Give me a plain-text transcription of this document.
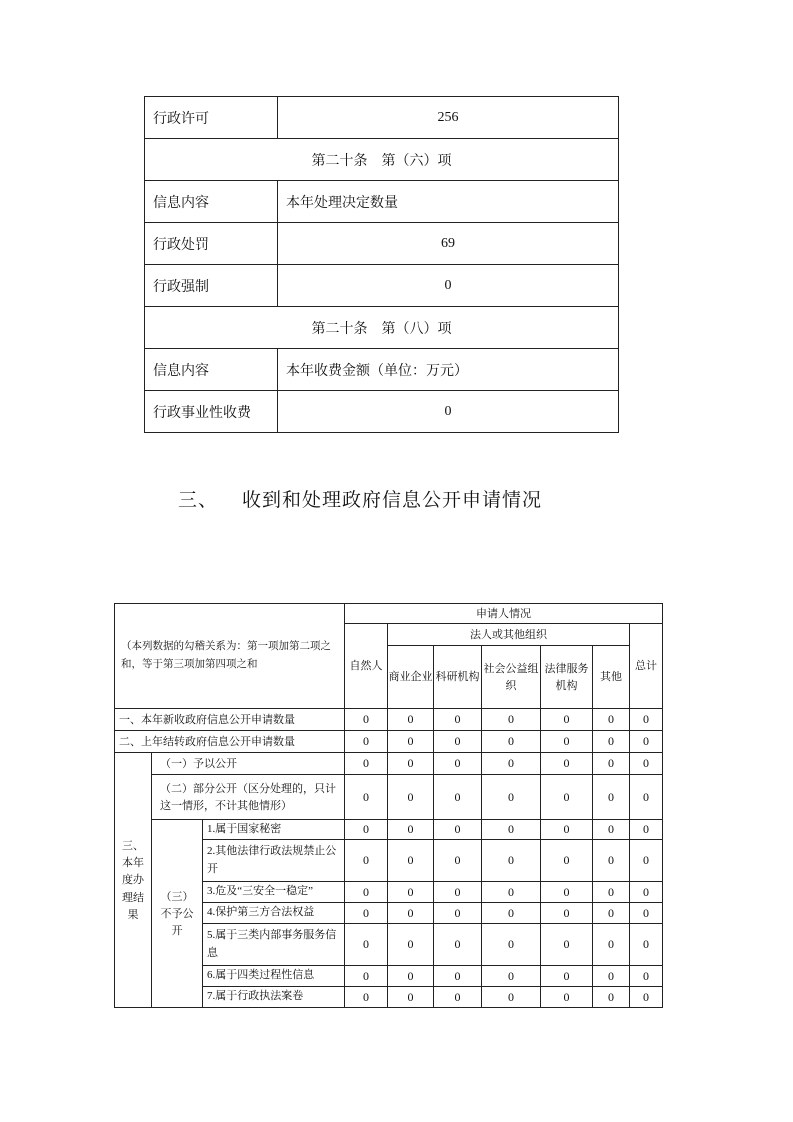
行政许可	256
第二十条　第（六）项	
信息内容	本年处理决定数量
行政处罚	69
行政强制	0
第二十条　第（八）项	
信息内容	本年收费金额（单位：万元）
行政事业性收费	0
三、 收到和处理政府信息公开申请情况
（本列数据的勾稽关系为：第一项加第二项之和，等于第三项加第四项之和			申请人情况						
			自然人	法人或其他组织					总计
				商业企业	科研机构	社会公益组织	法律服务机构	其他	
一、本年新收政府信息公开申请数量			0	0	0	0	0	0	0
二、上年结转政府信息公开申请数量			0	0	0	0	0	0	0
三、本年度办理结果	（一）予以公开		0	0	0	0	0	0	0
	（二）部分公开（区分处理的，只计这一情形，不计其他情形）		0	0	0	0	0	0	0
	（三）不予公开	1.属于国家秘密	0	0	0	0	0	0	0
		2.其他法律行政法规禁止公开	0	0	0	0	0	0	0
		3.危及“三安全一稳定”	0	0	0	0	0	0	0
		4.保护第三方合法权益	0	0	0	0	0	0	0
		5.属于三类内部事务服务信息	0	0	0	0	0	0	0
		6.属于四类过程性信息	0	0	0	0	0	0	0
		7.属于行政执法案卷	0	0	0	0	0	0	0
